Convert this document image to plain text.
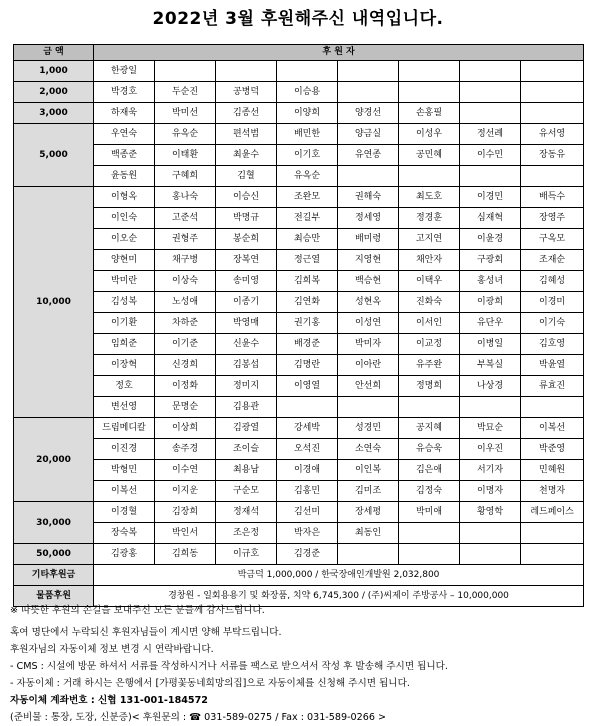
2022년 3월 후원해주신 내역입니다.
금 액	후 원 자							
1,000	한광일							
2,000	박경호	두순진	공병덕	이승용				
3,000	하재욱	박미선	김종선	이양희	양경선	손홍필		
5,000	우연숙	유옥순	편석범	배민한	양금실	이성우	정선례	유서영
	백종준	이태환	최윤수	이기호	유연종	공민혜	이수민	장동유
	윤동원	구혜희	김혈	유옥순				
10,000	이형옥	홍나숙	이승신	조완모	권해숙	최도호	이경민	배득수
	이인숙	고준석	박명규	전길부	정세영	정경훈	심재혁	장영주
	이오순	권형주	봉순희	최승만	배미령	고지연	이윤경	구옥모
	양현미	채구병	장복연	정근열	지영현	채안자	구광회	조재순
	박미란	이상숙	송미영	김희복	백승현	이택우	홍성녀	김혜성
	김성복	노성애	이종기	김연화	성현옥	진화숙	이광희	이경미
	이기환	차하준	박영매	권기홍	이성연	이서인	유단우	이기숙
	임희준	이기준	신윤수	배경준	박미자	이교정	이병일	김호영
	이장혁	신경희	김봉섭	김명란	이아란	유주완	부복실	박윤열
	정호	이정화	정미지	이영열	안선희	정명희	나상경	류효진
	변선영	문명순	김용관					
20,000	드림메디칼	이상희	김광열	강세박	성경민	공지혜	박묘순	이복선
	이진경	송주경	조이슬	오석진	소연숙	유승욱	이우진	박준영
	박형민	이수연	최용남	이경애	이인복	김은애	서기자	민혜원
	이복선	이지운	구순모	김홍민	김미조	김정숙	이명자	천명자
30,000	이경혈	김장희	정재석	김선미	장세평	박미애	황영학	레드페이스
	장숙복	박인서	조은정	박자은	최동인			
50,000	김광홍	김희동	이규호	김경준				
기타후원금	박금덕 1,000,000 / 한국장애인개발원 2,032,800							
물품후원	경창원 - 일회용용기 및 화장품, 치약 6,745,300 / (주)씨제이 주방공사 – 10,000,000							
※ 따뜻한 후원의 손길을 보내주신 모든 분들께 감사드립니다.
혹여 명단에서 누락되신 후원자님들이 계시면 양해 부탁드립니다.
후원자님의 자동이체 정보 변경 시 연락바랍니다.
- CMS : 시설에 방문 하셔서 서류를 작성하시거나 서류를 팩스로 받으셔서 작성 후 발송해 주시면 됩니다.
- 자동이체 : 거래 하시는 은행에서 [가평꽃동네희망의집]으로 자동이체를 신청해 주시면 됩니다.
자동이체 계좌번호 : 신협 131-001-184572
(준비물 : 통장, 도장, 신분증)< 후원문의 : ☎ 031-589-0275 / Fax : 031-589-0266 >
